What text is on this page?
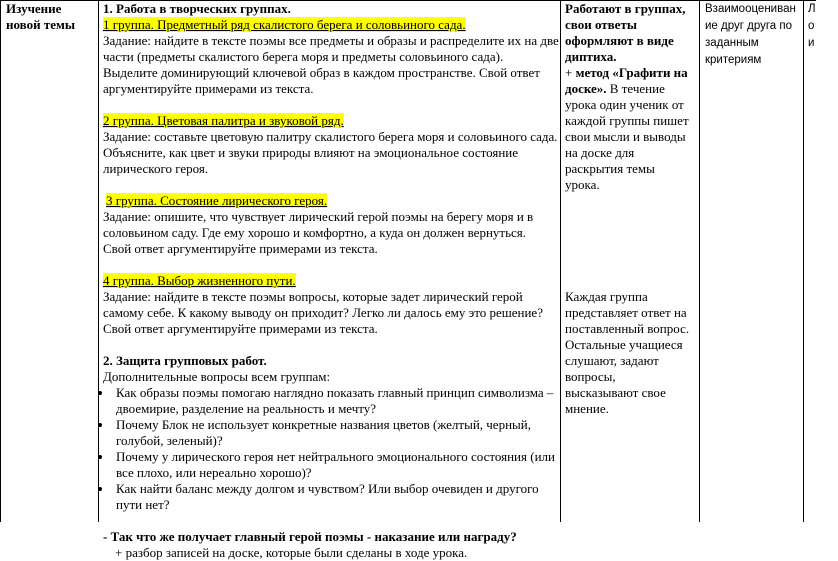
Изучение
новой темы
1. Работа в творческих группах.
1 группа. Предметный ряд скалистого берега и соловьиного сада.
Задание: найдите в тексте поэмы все предметы и образы и распределите их на две
части (предметы скалистого берега моря и предметы соловьиного сада).
Выделите доминирующий ключевой образ в каждом пространстве. Свой ответ
аргументируйте примерами из текста.
2 группа. Цветовая палитра и звуковой ряд.
Задание: составьте цветовую палитру скалистого берега моря и соловьиного сада.
Объясните, как цвет и звуки природы влияют на эмоциональное состояние
лирического героя.
3 группа. Состояние лирического героя.
Задание: опишите, что чувствует лирический герой поэмы на берегу моря и в
соловьином саду. Где ему хорошо и комфортно, а куда он должен вернуться.
Свой ответ аргументируйте примерами из текста.
4 группа. Выбор жизненного пути.
Задание: найдите в тексте поэмы вопросы, которые задет лирический герой
самому себе. К какому выводу он приходит? Легко ли далось ему это решение?
Свой ответ аргументируйте примерами из текста.
2. Защита групповых работ.
Дополнительные вопросы всем группам:
Как образы поэмы помогаю наглядно показать главный принцип символизма –
двоемирие, разделение на реальность и мечту?
Почему Блок не использует конкретные названия цветов (желтый, черный,
голубой, зеленый)?
Почему у лирического героя нет нейтрального эмоционального состояния (или
все плохо, или нереально хорошо)?
Как найти баланс между долгом и чувством? Или выбор очевиден и другого
пути нет?
- Так что же получает главный герой поэмы - наказание или награду?
+ разбор записей на доске, которые были сделаны в ходе урока.
Работают в группах,
свои ответы
оформляют в виде
диптиха.
+ метод «Графити на
доске». В течение
урока один ученик от
каждой группы пишет
свои мысли и выводы
на доске для
раскрытия темы
урока.
Каждая группа
представляет ответ на
поставленный вопрос.
Остальные учащиеся
слушают, задают
вопросы,
высказывают свое
мнение.
Взаимооцениван
ие друг друга по
заданным
критериям
Л
о
и
